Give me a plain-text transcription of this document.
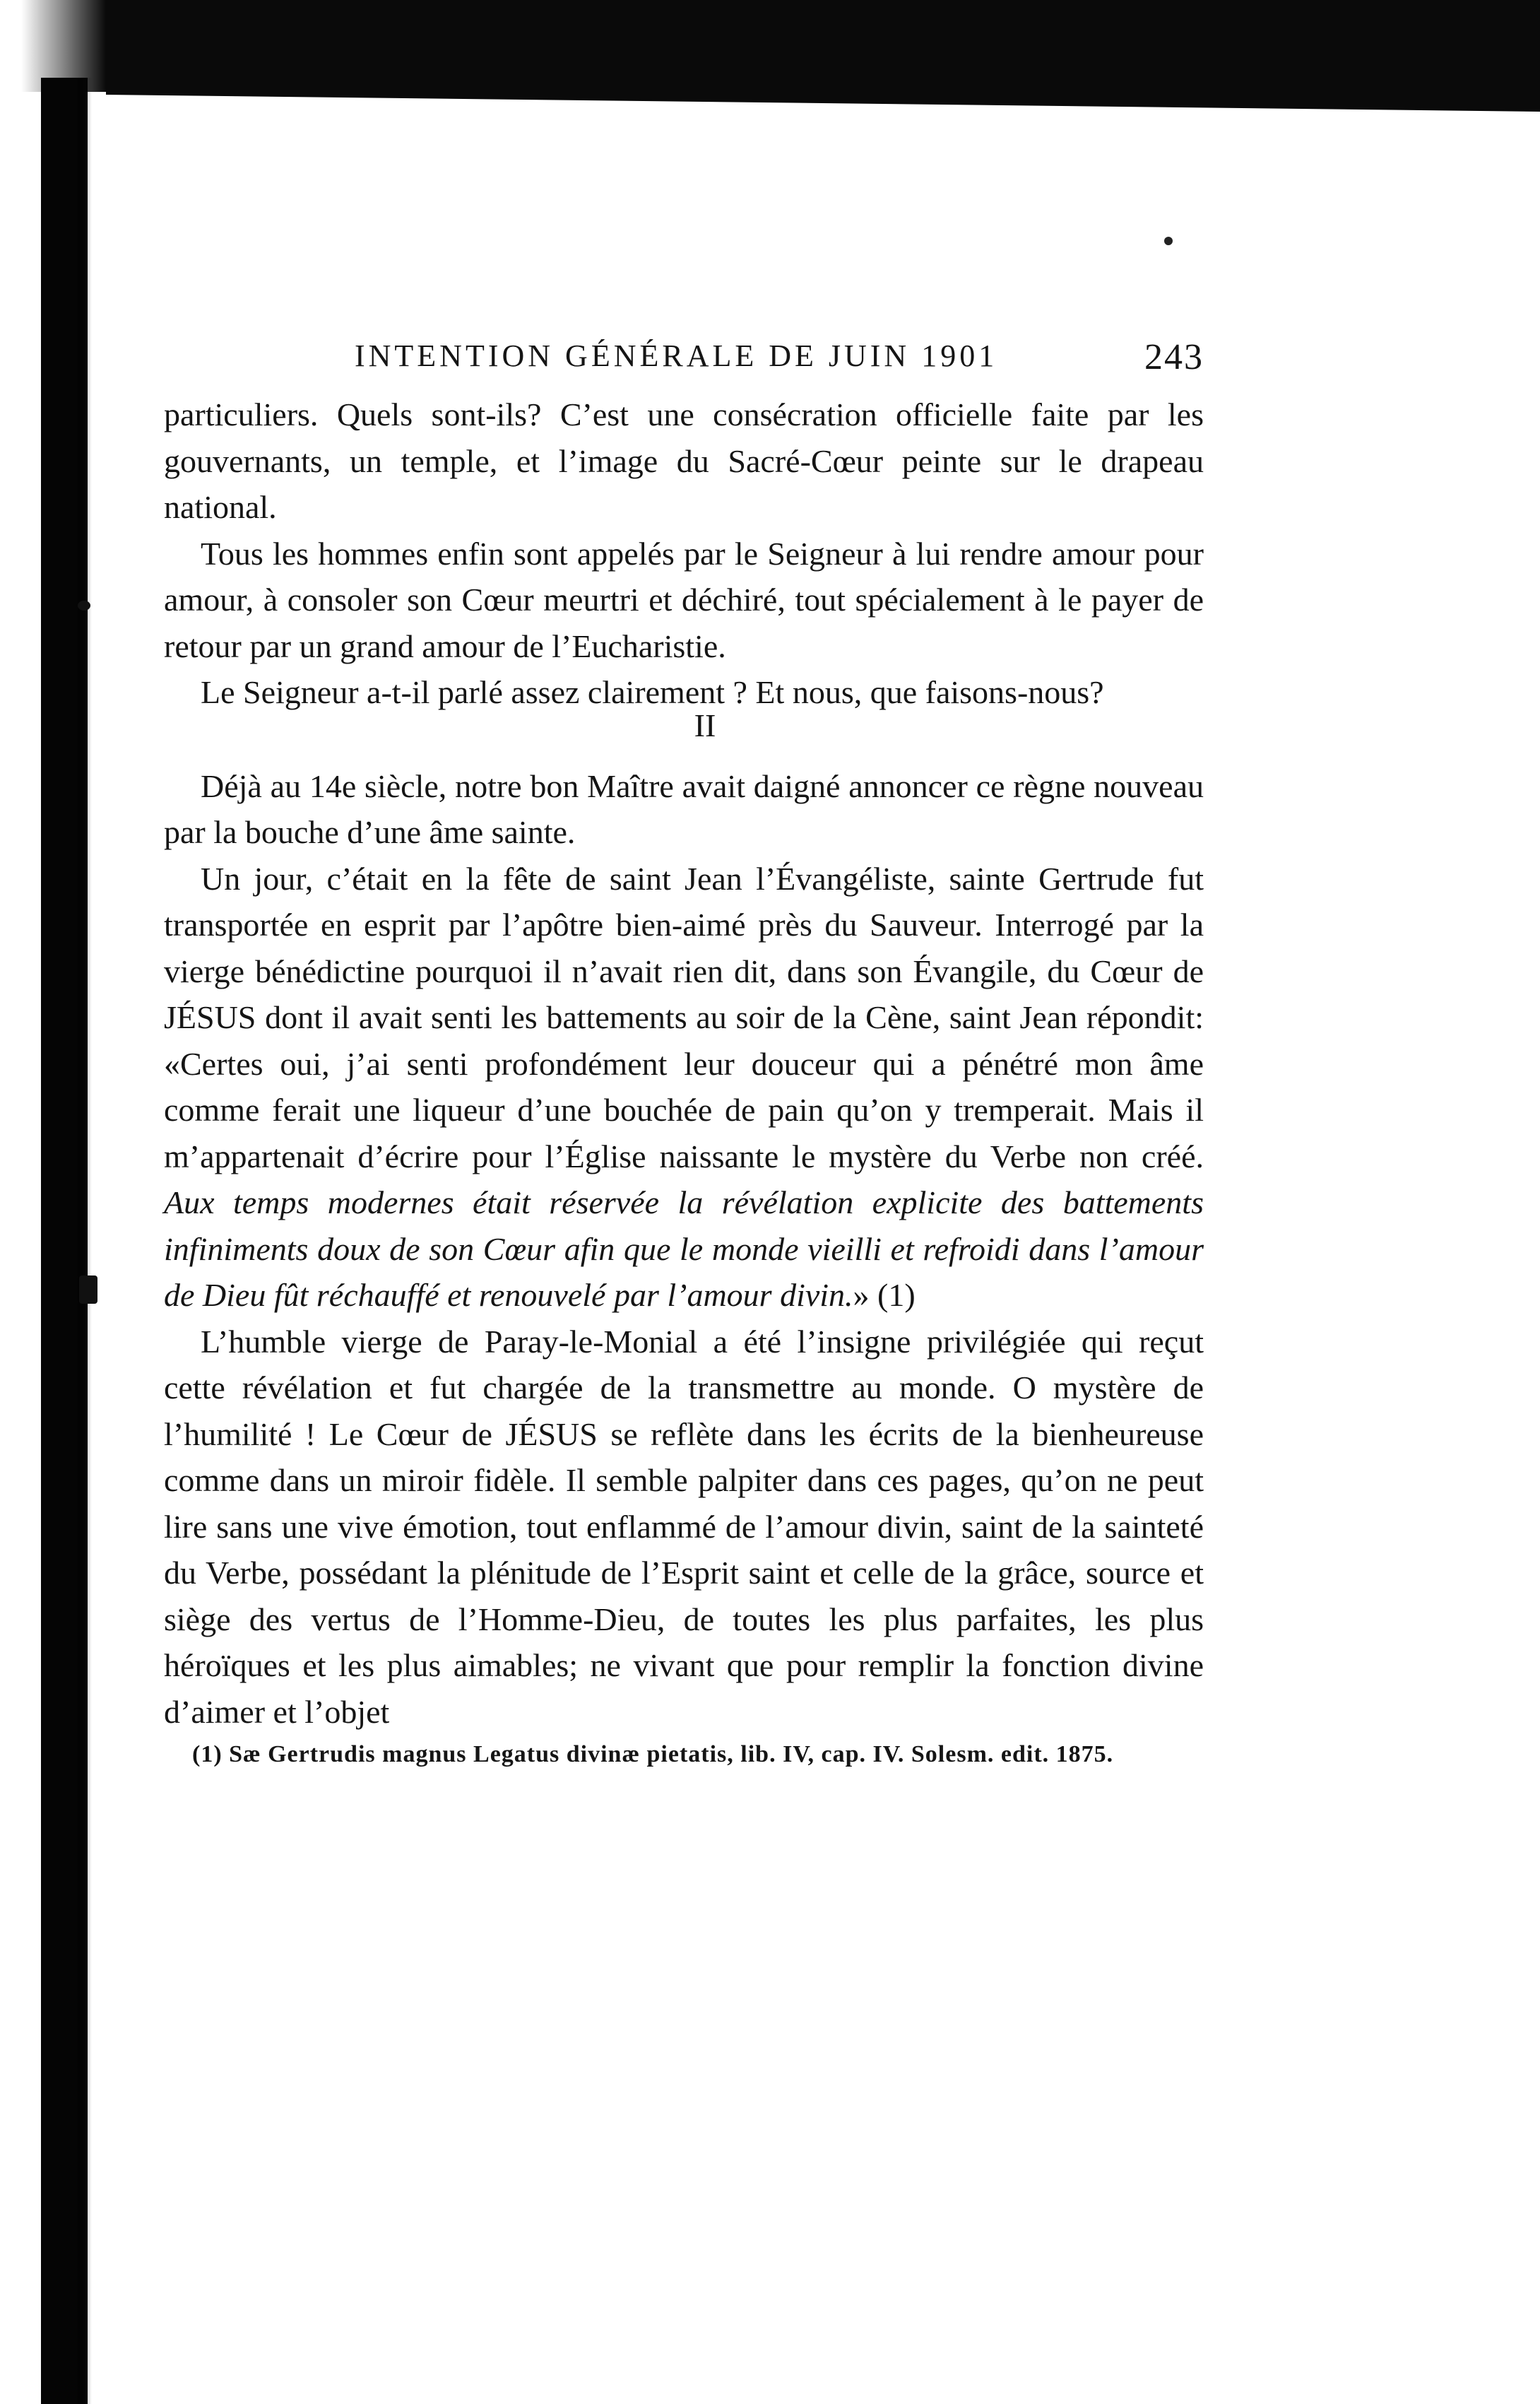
INTENTION GÉNÉRALE DE JUIN 1901	243

particuliers. Quels sont-ils? C’est une consécration officielle faite par les gouvernants, un temple, et l’image du Sacré-Cœur peinte sur le drapeau national.

Tous les hommes enfin sont appelés par le Seigneur à lui rendre amour pour amour, à consoler son Cœur meurtri et déchiré, tout spécialement à le payer de retour par un grand amour de l’Eucharistie.

Le Seigneur a-t-il parlé assez clairement ? Et nous, que faisons-nous?

II

Déjà au 14e siècle, notre bon Maître avait daigné annoncer ce règne nouveau par la bouche d’une âme sainte.

Un jour, c’était en la fête de saint Jean l’Évangéliste, sainte Gertrude fut transportée en esprit par l’apôtre bien-aimé près du Sauveur. Interrogé par la vierge bénédictine pourquoi il n’avait rien dit, dans son Évangile, du Cœur de JÉSUS dont il avait senti les battements au soir de la Cène, saint Jean répondit: «Certes oui, j’ai senti profondément leur douceur qui a pénétré mon âme comme ferait une liqueur d’une bouchée de pain qu’on y tremperait. Mais il m’appartenait d’écrire pour l’Église naissante le mystère du Verbe non créé. Aux temps modernes était réservée la révélation explicite des battements infiniments doux de son Cœur afin que le monde vieilli et refroidi dans l’amour de Dieu fût réchauffé et renouvelé par l’amour divin.» (1)

L’humble vierge de Paray-le-Monial a été l’insigne privilégiée qui reçut cette révélation et fut chargée de la transmettre au monde. O mystère de l’humilité ! Le Cœur de JÉSUS se reflète dans les écrits de la bienheureuse comme dans un miroir fidèle. Il semble palpiter dans ces pages, qu’on ne peut lire sans une vive émotion, tout enflammé de l’amour divin, saint de la sainteté du Verbe, possédant la plénitude de l’Esprit saint et celle de la grâce, source et siège des vertus de l’Homme-Dieu, de toutes les plus parfaites, les plus héroïques et les plus aimables; ne vivant que pour remplir la fonction divine d’aimer et l’objet

(1) Sæ Gertrudis magnus Legatus divinæ pietatis, lib. IV, cap. IV. Solesm. edit. 1875.
